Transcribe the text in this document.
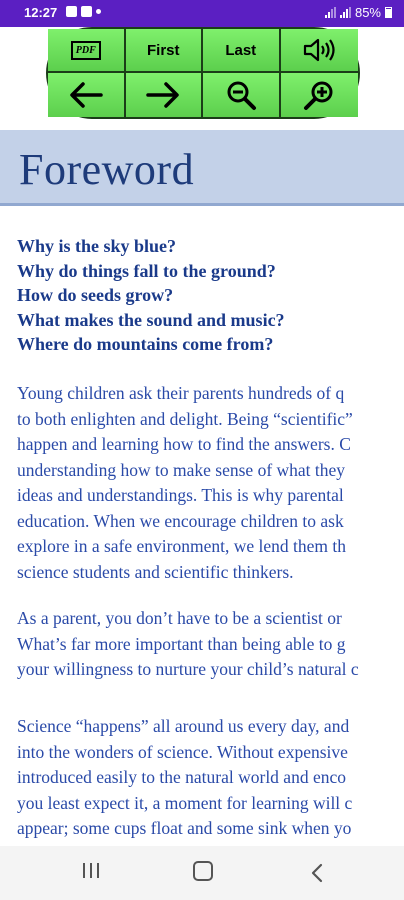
12:27	85%
PDF	First	Last
Foreword
Why is the sky blue?
Why do things fall to the ground?
How do seeds grow?
What makes the sound and music?
Where do mountains come from?

Young children ask their parents hundreds of q
to both enlighten and delight. Being “scientific”
happen and learning how to find the answers. C
understanding how to make sense of what they
ideas and understandings. This is why parental
education. When we encourage children to ask
explore in a safe environment, we lend them th
science students and scientific thinkers.

As a parent, you don’t have to be a scientist or
What’s far more important than being able to g
your willingness to nurture your child’s natural c

Science “happens” all around us every day, and
into the wonders of science. Without expensive
introduced easily to the natural world and enco
you least expect it, a moment for learning will c
appear; some cups float and some sink when yo
